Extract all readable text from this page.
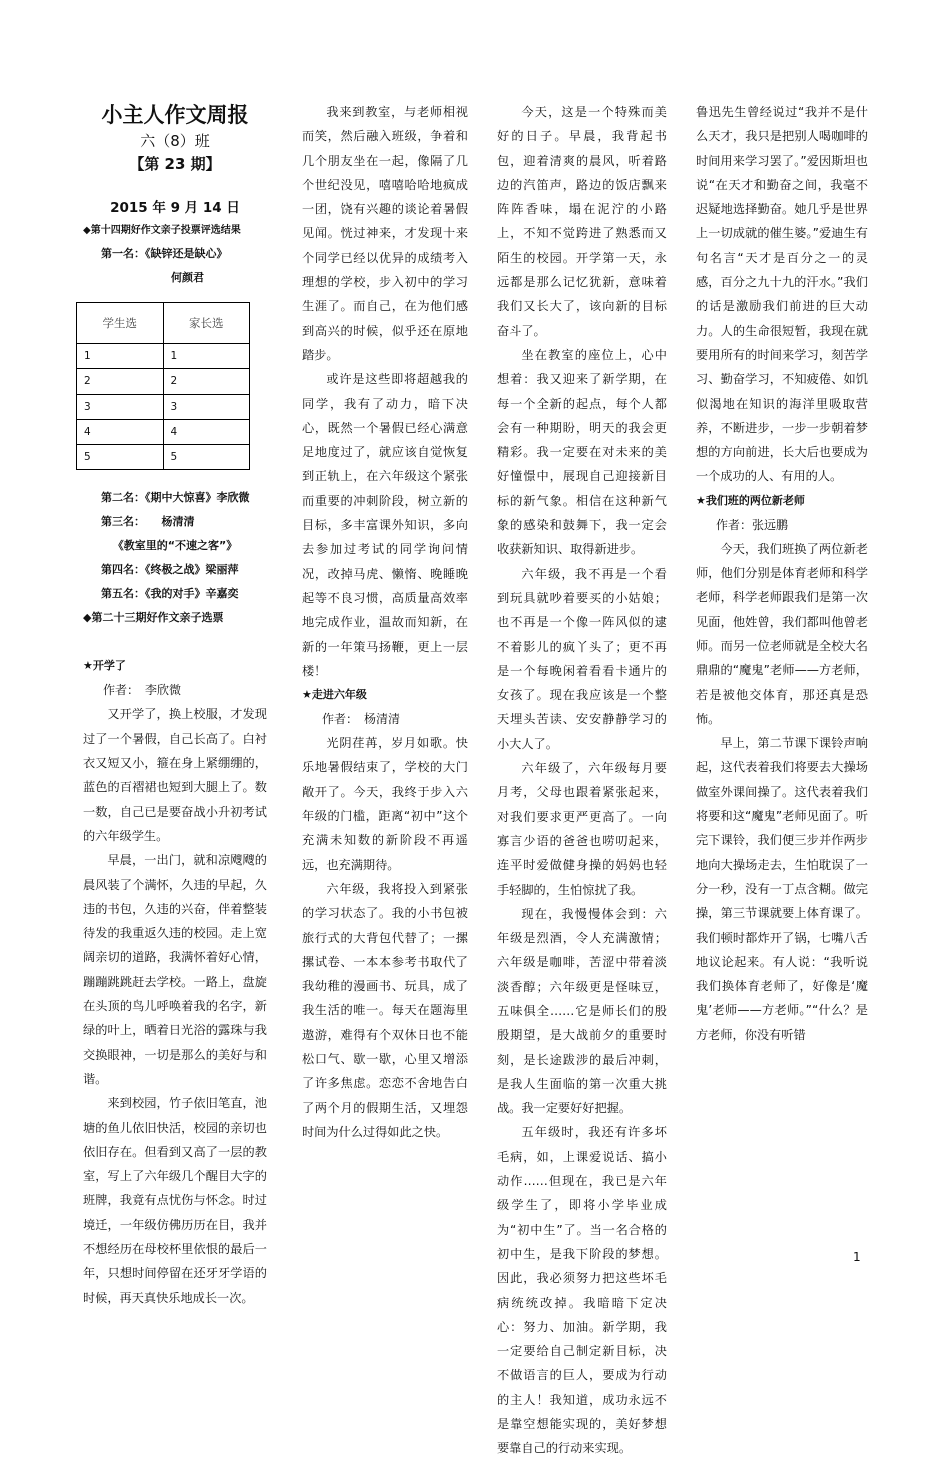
小主人作文周报

六（8）班

【第 23 期】

2015 年 9 月 14 日

◆第十四期好作文亲子投票评选结果

第一名：《缺锌还是缺心》

何颜君

学生选	家长选
1	1
2	2
3	3
4	4
5	5

第二名：《期中大惊喜》李欣微

第三名：　　杨清清

《教室里的“不速之客”》

第四名：《终极之战》梁丽萍

第五名：《我的对手》辛嘉奕

◆第二十三期好作文亲子选票

★开学了

作者：　李欣微

又开学了，换上校服，才发现过了一个暑假，自己长高了。白衬衣又短又小，箍在身上紧绷绷的，蓝色的百褶裙也短到大腿上了。数一数，自己已是要奋战小升初考试的六年级学生。

早晨，一出门，就和凉飕飕的晨风装了个满怀，久违的早起，久违的书包，久违的兴奋，伴着整装待发的我重返久违的校园。走上宽阔亲切的道路，我满怀着好心情，蹦蹦跳跳赶去学校。一路上，盘旋在头顶的鸟儿呼唤着我的名字，新绿的叶上，晒着日光浴的露珠与我交换眼神，一切是那么的美好与和谐。

来到校园，竹子依旧笔直，池塘的鱼儿依旧快活，校园的亲切也依旧存在。但看到又高了一层的教室，写上了六年级几个醒目大字的班牌，我竟有点忧伤与怀念。时过境迁，一年级仿佛历历在目，我并不想经历在母校杯里依恨的最后一年，只想时间停留在还牙牙学语的时候，再天真快乐地成长一次。

我来到教室，与老师相视而笑，然后融入班级，争着和几个朋友坐在一起，像隔了几个世纪没见，嘻嘻哈哈地疯成一团，饶有兴趣的谈论着暑假见闻。恍过神来，才发现十来个同学已经以优异的成绩考入理想的学校，步入初中的学习生涯了。而自己，在为他们感到高兴的时候，似乎还在原地踏步。

或许是这些即将超越我的同学，我有了动力，暗下决心，既然一个暑假已经心满意足地度过了，就应该自觉恢复到正轨上，在六年级这个紧张而重要的冲刺阶段，树立新的目标，多丰富课外知识，多向去参加过考试的同学询问情况，改掉马虎、懒惰、晚睡晚起等不良习惯，高质量高效率地完成作业，温故而知新，在新的一年策马扬鞭，更上一层楼！

★走进六年级

作者：　杨清清

光阴荏苒，岁月如歌。快乐地暑假结束了，学校的大门敞开了。今天，我终于步入六年级的门槛，距离“初中”这个充满未知数的新阶段不再遥远，也充满期待。

六年级，我将投入到紧张的学习状态了。我的小书包被旅行式的大背包代替了；一摞摞试卷、一本本参考书取代了我幼稚的漫画书、玩具，成了我生活的唯一。每天在题海里遨游，难得有个双休日也不能松口气、歇一歇，心里又增添了许多焦虑。恋恋不舍地告白了两个月的假期生活，又埋怨时间为什么过得如此之快。

今天，这是一个特殊而美好的日子。早晨，我背起书包，迎着清爽的晨风，听着路边的汽笛声，路边的饭店飘来阵阵香味，塌在泥泞的小路上，不知不觉跨进了熟悉而又陌生的校园。开学第一天，永远都是那么记忆犹新，意味着我们又长大了，该向新的目标奋斗了。

坐在教室的座位上，心中想着：我又迎来了新学期，在每一个全新的起点，每个人都会有一种期盼，明天的我会更精彩。我一定要在对未来的美好憧憬中，展现自己迎接新目标的新气象。相信在这种新气象的感染和鼓舞下，我一定会收获新知识、取得新进步。

六年级，我不再是一个看到玩具就吵着要买的小姑娘；也不再是一个像一阵风似的逮不着影儿的疯丫头了；更不再是一个每晚闲着看看卡通片的女孩了。现在我应该是一个整天埋头苦读、安安静静学习的小大人了。

六年级了，六年级每月要月考，父母也跟着紧张起来，对我们要求更严更高了。一向寡言少语的爸爸也唠叨起来，连平时爱做健身操的妈妈也轻手轻脚的，生怕惊扰了我。

现在，我慢慢体会到：六年级是烈酒，令人充满激情；六年级是咖啡，苦涩中带着淡淡香醇；六年级更是怪味豆，五味俱全……它是师长们的殷殷期望，是大战前夕的重要时刻，是长途跋涉的最后冲刺，是我人生面临的第一次重大挑战。我一定要好好把握。

五年级时，我还有许多坏毛病，如，上课爱说话、搞小动作……但现在，我已是六年级学生了，即将小学毕业成为“初中生”了。当一名合格的初中生，是我下阶段的梦想。因此，我必须努力把这些坏毛病统统改掉。我暗暗下定决心：努力、加油。新学期，我一定要给自己制定新目标，决不做语言的巨人，要成为行动的主人！我知道，成功永远不是靠空想能实现的，美好梦想要靠自己的行动来实现。

鲁迅先生曾经说过“我并不是什么天才，我只是把别人喝咖啡的时间用来学习罢了。”爱因斯坦也说“在天才和勤奋之间，我毫不迟疑地选择勤奋。她几乎是世界上一切成就的催生婆。”爱迪生有句名言“天才是百分之一的灵感，百分之九十九的汗水。”我们的话是激励我们前进的巨大动力。人的生命很短暂，我现在就要用所有的时间来学习，刻苦学习、勤奋学习，不知疲倦、如饥似渴地在知识的海洋里吸取营养，不断进步，一步一步朝着梦想的方向前进，长大后也要成为一个成功的人、有用的人。

★我们班的两位新老师

作者：张远鹏

今天，我们班换了两位新老师，他们分别是体育老师和科学老师，科学老师跟我们是第一次见面，他姓曾，我们都叫他曾老师。而另一位老师就是全校大名鼎鼎的“魔鬼”老师——方老师，若是被他交体育，那还真是恐怖。

早上，第二节课下课铃声响起，这代表着我们将要去大操场做室外课间操了。这代表着我们将要和这“魔鬼”老师见面了。听完下课铃，我们便三步并作两步地向大操场走去，生怕耽误了一分一秒，没有一丁点含糊。做完操，第三节课就要上体育课了。我们顿时都炸开了锅，七嘴八舌地议论起来。有人说：“我听说我们换体育老师了，好像是‘魔鬼’老师——方老师。”“什么？是方老师，你没有听错

1
